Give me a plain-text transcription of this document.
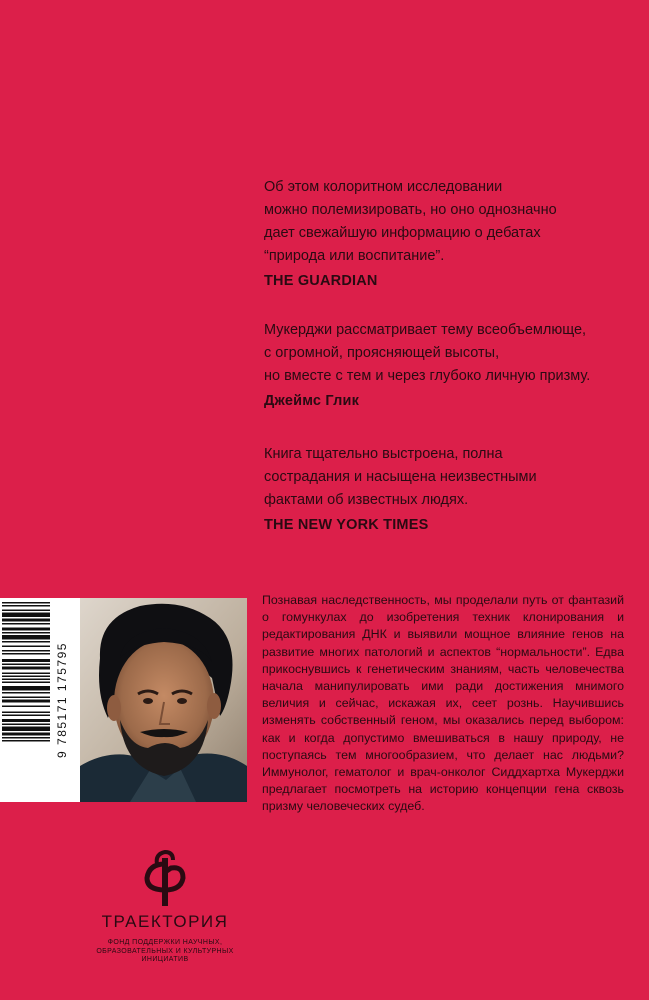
Об этом колоритном исследовании
можно полемизировать, но оно однозначно
дает свежайшую информацию о дебатах
“природа или воспитание”.
THE GUARDIAN
Мукерджи рассматривает тему всеобъемлюще,
с огромной, проясняющей высоты,
но вместе с тем и через глубоко личную призму.
Джеймс Глик
Книга тщательно выстроена, полна
сострадания и насыщена неизвестными
фактами об известных людях.
THE NEW YORK TIMES
9 785171 175795
Познавая наследственность, мы проделали путь от фантазий о гомункулах до изобретения техник клонирования и редактирования ДНК и выявили мощное влияние генов на развитие многих патологий и аспектов “нормальности”. Едва прикоснувшись к генетическим знаниям, часть человечества начала манипулировать ими ради достижения мнимого величия и сейчас, искажая их, сеет рознь. Научившись изменять собственный геном, мы оказались перед выбором: как и когда допустимо вмешиваться в нашу природу, не поступаясь тем многообразием, что делает нас людьми? Иммунолог, гематолог и врач-онколог Сиддхартха Мукерджи предлагает посмотреть на историю концепции гена сквозь призму человеческих судеб.
ТРАЕКТОРИЯ
ФОНД ПОДДЕРЖКИ НАУЧНЫХ,
ОБРАЗОВАТЕЛЬНЫХ И КУЛЬТУРНЫХ
ИНИЦИАТИВ
